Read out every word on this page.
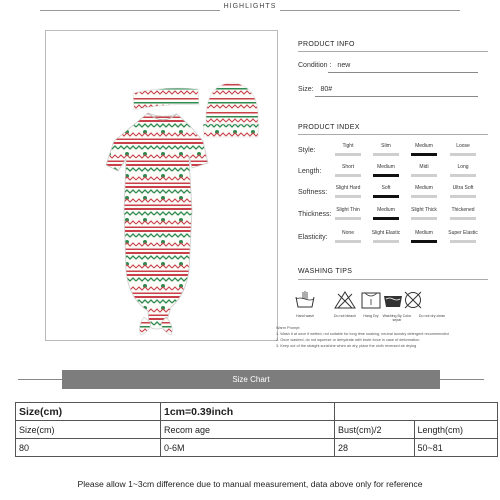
HIGHLIGHTS
PRODUCT INFO
Condition : new
Size: 80#
PRODUCT INDEX
Style:
Tight	Slim	Medium	Loose
Length:
Short	Medium	Midi	Long
Softness:
Slight Hard	Soft	Medium	Ultra Soft
Thickness:
Slight Thin	Medium	Slight Thick	Thickened
Elasticity:
None	Slight Elastic	Medium	Super Elastic
WASHING TIPS
Hand wash	Do not bleach	Hang Dry	Washing By Color separ
Do not dry clean
Warm Prompt:
1. Wash it at once if wetted, not suitable for long time soaking, neutral laundry detergent recommended
2. Once washed, do not squeeze or dehydrate with brute force in case of deformation
3. Keep out of the straight sunshine when air dry, place the cloth reversed air drying
Size Chart
Size(cm)	1cm=0.39inch		
Size(cm)	Recom age	Bust(cm)/2	Length(cm)
80	0-6M	28	50~81
Please allow 1~3cm difference due to manual measurement, data above only for reference
